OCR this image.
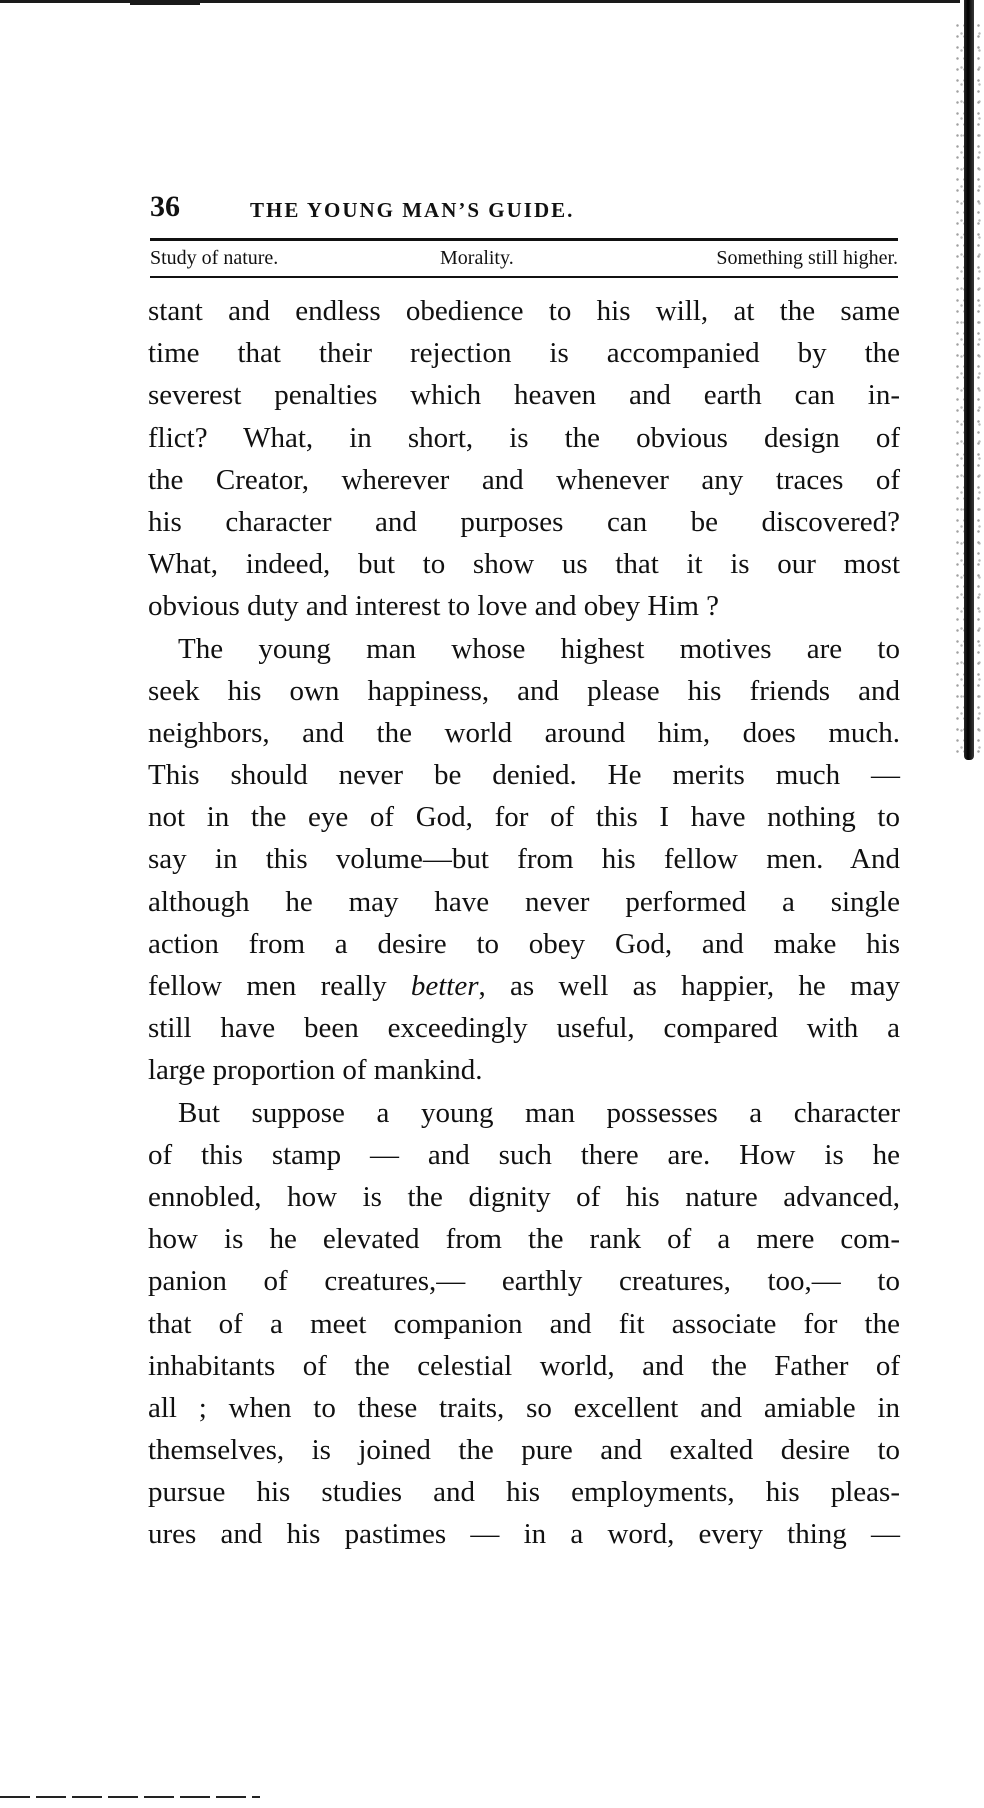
36	THE YOUNG MAN’S GUIDE.
Study of nature.	Morality.	Something still higher.
stant and endless obedience to his will, at the same
time that their rejection is accompanied by the
severest penalties which heaven and earth can in-
flict? What, in short, is the obvious design of
the Creator, wherever and whenever any traces of
his character and purposes can be discovered?
What, indeed, but to show us that it is our most
obvious duty and interest to love and obey Him ?
The young man whose highest motives are to
seek his own happiness, and please his friends and
neighbors, and the world around him, does much.
This should never be denied. He merits much —
not in the eye of God, for of this I have nothing to
say in this volume—but from his fellow men. And
although he may have never performed a single
action from a desire to obey God, and make his
fellow men really better, as well as happier, he may
still have been exceedingly useful, compared with a
large proportion of mankind.
But suppose a young man possesses a character
of this stamp — and such there are. How is he
ennobled, how is the dignity of his nature advanced,
how is he elevated from the rank of a mere com-
panion of creatures,— earthly creatures, too,— to
that of a meet companion and fit associate for the
inhabitants of the celestial world, and the Father of
all ; when to these traits, so excellent and amiable in
themselves, is joined the pure and exalted desire to
pursue his studies and his employments, his pleas-
ures and his pastimes — in a word, every thing —
